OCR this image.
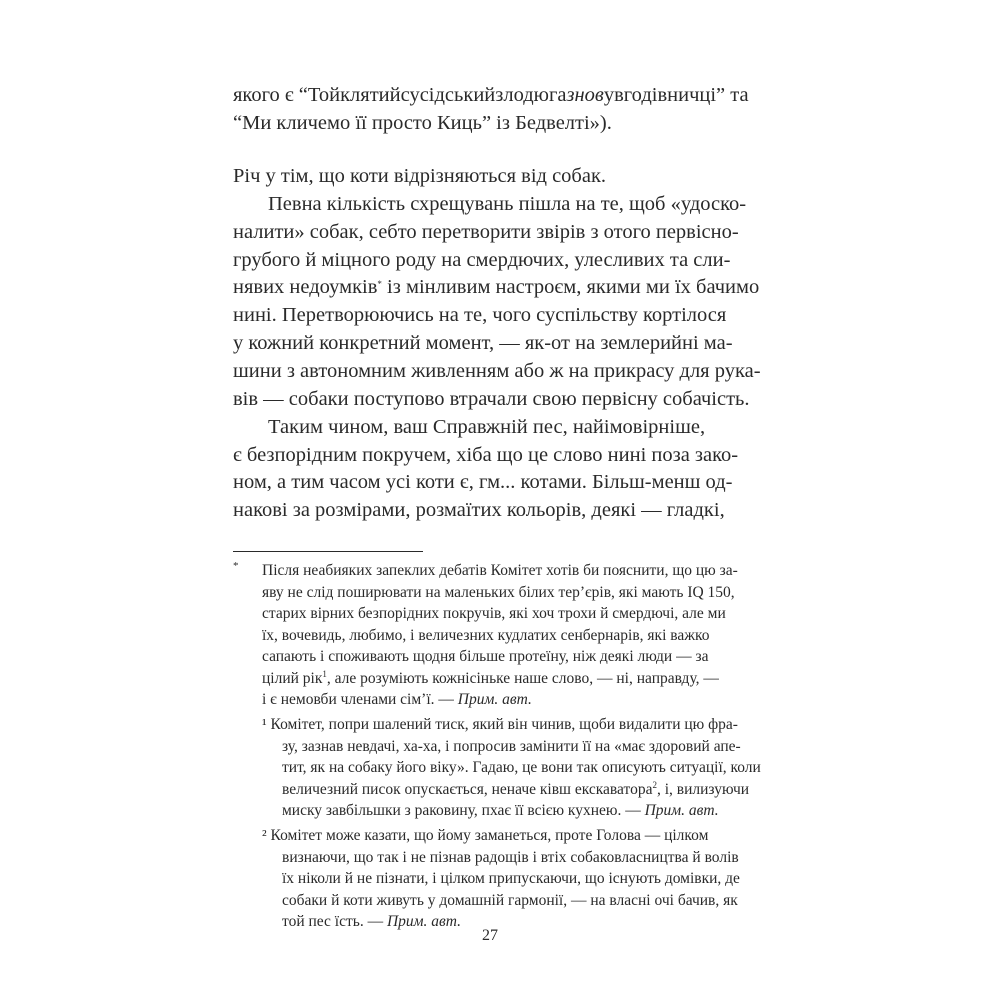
якого є “Тойклятийсусідськийзлодюгазновувгодівничці” та
“Ми кличемо її просто Киць” із Бедвелті»).
Річ у тім, що коти відрізняються від собак.
Певна кількість схрещувань пішла на те, щоб «удоско-
налити» собак, себто перетворити звірів з отого первісно-
грубого й міцного роду на смердючих, улесливих та сли-
нявих недоумків* із мінливим настроєм, якими ми їх бачимо
нині. Перетворюючись на те, чого суспільству кортілося
у кожний конкретний момент, — як-от на землерийні ма-
шини з автономним живленням або ж на прикрасу для рука-
вів — собаки поступово втрачали свою первісну собачість.
Таким чином, ваш Справжній пес, найімовірніше,
є безпорідним покручем, хіба що це слово нині поза зако-
ном, а тим часом усі коти є, гм... котами. Більш-менш од-
накові за розмірами, розмаїтих кольорів, деякі — гладкі,
* Після неабияких запеклих дебатів Комітет хотів би пояснити, що цю за-
яву не слід поширювати на маленьких білих тер’єрів, які мають IQ 150,
старих вірних безпорідних покручів, які хоч трохи й смердючі, але ми
їх, вочевидь, любимо, і величезних кудлатих сенбернарів, які важко
сапають і споживають щодня більше протеїну, ніж деякі люди — за
цілий рік$^1$, але розуміють кожнісіньке наше слово, — ні, направду, —
і є немовби членами сім’ї. — Прим. авт.
¹ Комітет, попри шалений тиск, який він чинив, щоби видалити цю фра-
зу, зазнав невдачі, ха-ха, і попросив замінити її на «має здоровий апе-
тит, як на собаку його віку». Гадаю, це вони так описують ситуації, коли
величезний писок опускається, неначе ківш екскаватора$^2$, і, вилизуючи
миску завбільшки з раковину, пхає її всією кухнею. — Прим. авт.
² Комітет може казати, що йому заманеться, проте Голова — цілком
визнаючи, що так і не пізнав радощів і втіх собаковласництва й волів
їх ніколи й не пізнати, і цілком припускаючи, що існують домівки, де
собаки й коти живуть у домашній гармонії, — на власні очі бачив, як
той пес їсть. — Прим. авт.
27
